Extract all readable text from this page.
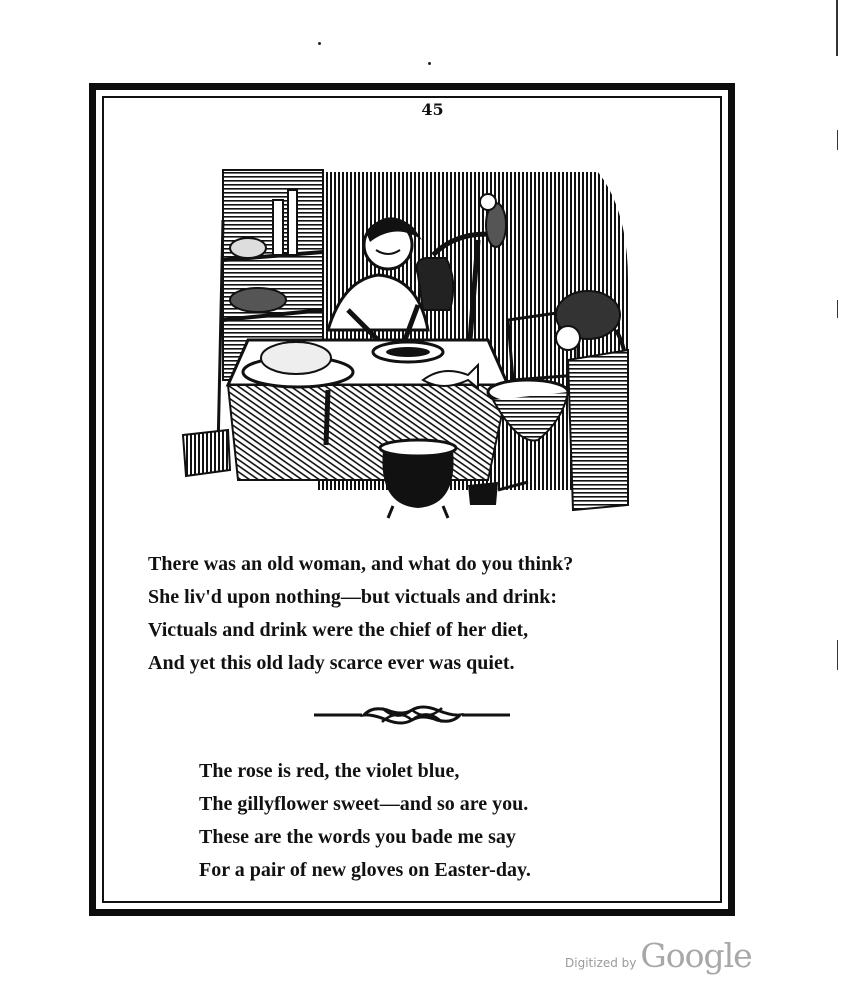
45
There was an old woman, and what do you think?
She liv'd upon nothing—but victuals and drink:
Victuals and drink were the chief of her diet,
And yet this old lady scarce ever was quiet.
The rose is red, the violet blue,
The gillyflower sweet—and so are you.
These are the words you bade me say
For a pair of new gloves on Easter-day.
Digitized by Google
